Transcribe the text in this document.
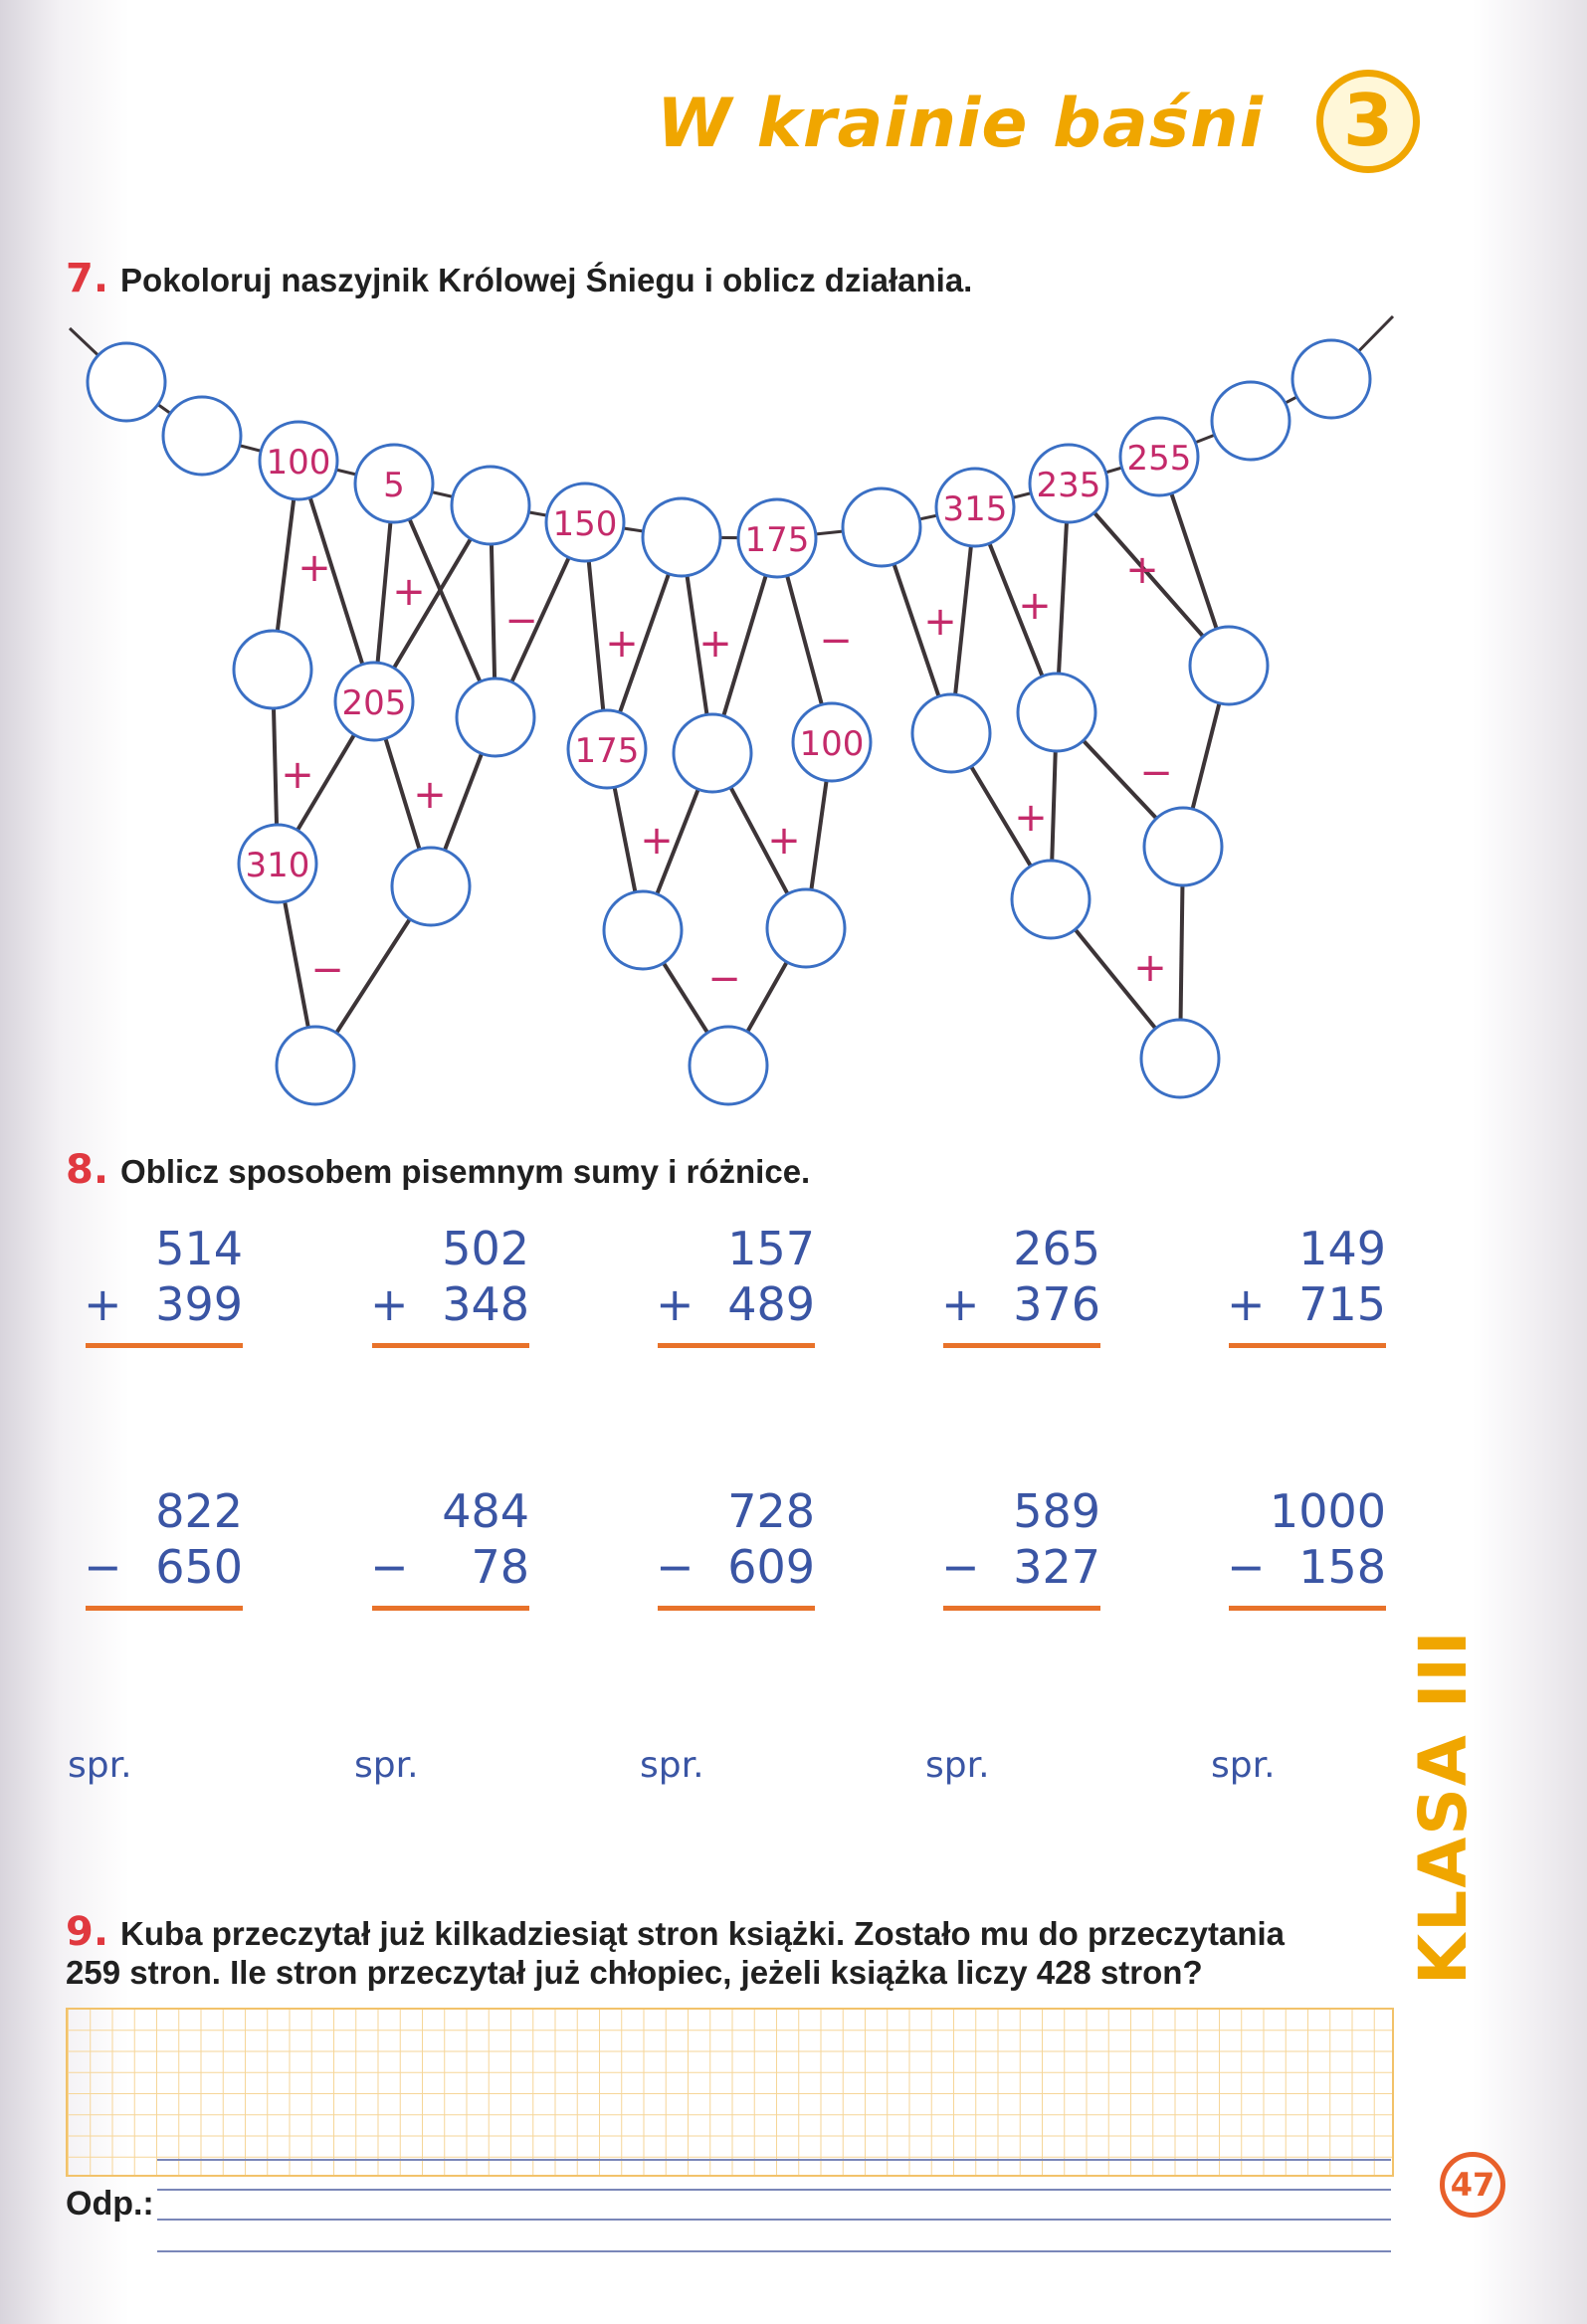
W krainie baśni	3
7. Pokoloruj naszyjnik Królowej Śniegu i oblicz działania.
100
5
150	175
315
235
255
205
310
175	100
+
+
+ +
−
−
+ + −
+ +
−
+ +
+
+
−
+
8. Oblicz sposobem pisemnym sumy i różnice.
514
+ 399
502
+ 348
157
+ 489
265
+ 376
149
+ 715
822
− 650
484
− 78
728
− 609
589
− 327
1000
− 158
spr.	spr.	spr.	spr.	spr.
9. Kuba przeczytał już kilkadziesiąt stron książki. Zostało mu do przeczytania
259 stron. Ile stron przeczytał już chłopiec, jeżeli książka liczy 428 stron?
Odp.:
KLASA III
47
